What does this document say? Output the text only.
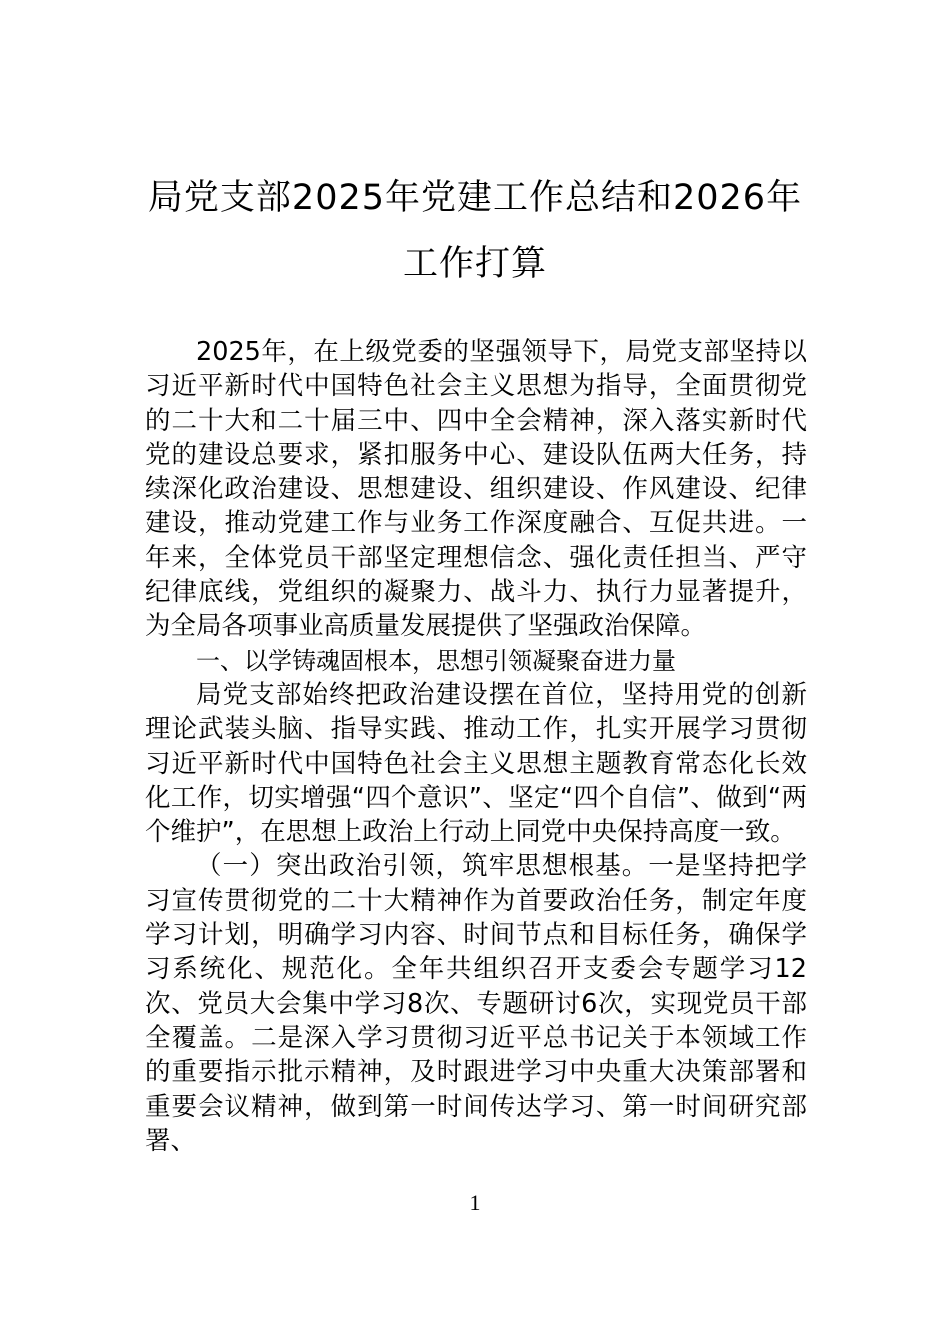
局党支部2025年党建工作总结和2026年工作打算

2025年，在上级党委的坚强领导下，局党支部坚持以习近平新时代中国特色社会主义思想为指导，全面贯彻党的二十大和二十届三中、四中全会精神，深入落实新时代党的建设总要求，紧扣服务中心、建设队伍两大任务，持续深化政治建设、思想建设、组织建设、作风建设、纪律建设，推动党建工作与业务工作深度融合、互促共进。一年来，全体党员干部坚定理想信念、强化责任担当、严守纪律底线，党组织的凝聚力、战斗力、执行力显著提升，为全局各项事业高质量发展提供了坚强政治保障。

一、以学铸魂固根本，思想引领凝聚奋进力量

局党支部始终把政治建设摆在首位，坚持用党的创新理论武装头脑、指导实践、推动工作，扎实开展学习贯彻习近平新时代中国特色社会主义思想主题教育常态化长效化工作，切实增强“四个意识”、坚定“四个自信”、做到“两个维护”，在思想上政治上行动上同党中央保持高度一致。

（一）突出政治引领，筑牢思想根基。一是坚持把学习宣传贯彻党的二十大精神作为首要政治任务，制定年度学习计划，明确学习内容、时间节点和目标任务，确保学习系统化、规范化。全年共组织召开支委会专题学习12次、党员大会集中学习8次、专题研讨6次，实现党员干部全覆盖。二是深入学习贯彻习近平总书记关于本领域工作的重要指示批示精神，及时跟进学习中央重大决策部署和重要会议精神，做到第一时间传达学习、第一时间研究部署、

1
